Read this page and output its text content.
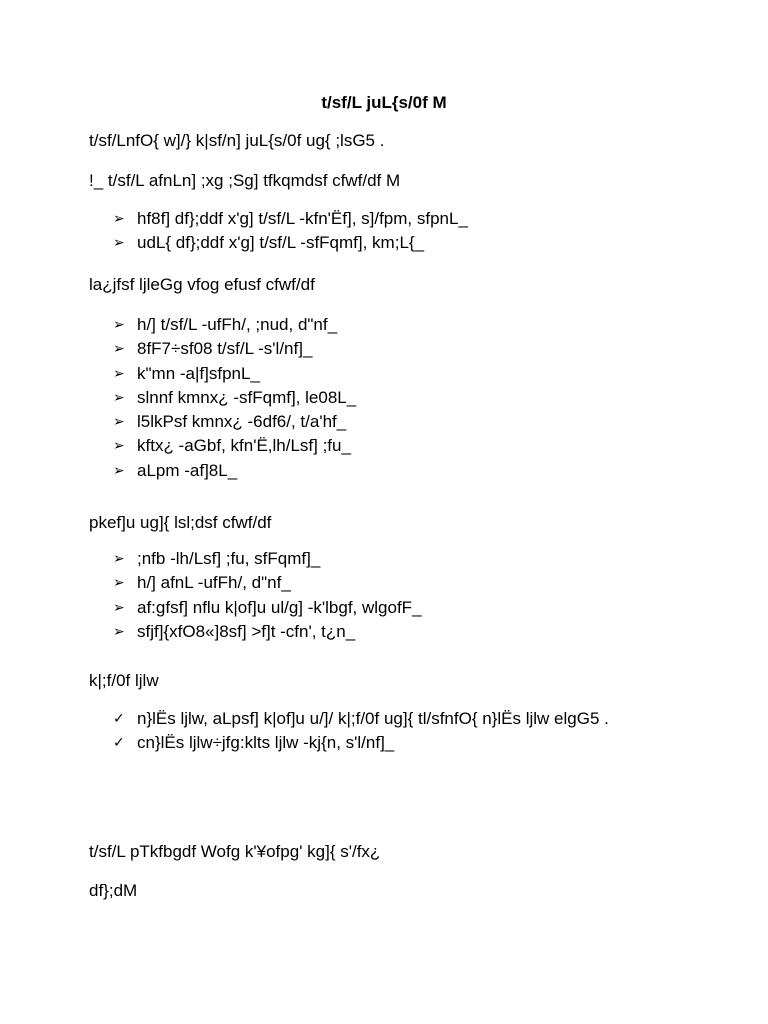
t/sf/L juL{s/0f M
t/sf/LnfO{ w]/} k|sf/n] juL{s/0f ug{ ;lsG5 .
!_ t/sf/L afnLn] ;xg ;Sg] tfkqmdsf cfwf/df M
➢ hf8f] df};ddf x'g] t/sf/L -kfn'Ëf], s]/fpm, sfpnL_
➢ udL{ df};ddf x'g] t/sf/L -sfFqmf], km;L{_
la¿jfsf ljleGg vfog efusf cfwf/df
➢ h/] t/sf/L -ufFh/, ;nud, d"nf_
➢ 8fF7÷sf08 t/sf/L -s'l/nf]_
➢ k"mn -a|f]sfpnL_
➢ slnnf kmnx¿ -sfFqmf], le08L_
➢ l5lkPsf kmnx¿ -6df6/, t/a'hf_
➢ kftx¿ -aGbf, kfn'Ë,lh/Lsf] ;fu_
➢ aLpm -af]8L_
pkef]u ug]{ lsl;dsf cfwf/df
➢ ;nfb -lh/Lsf] ;fu, sfFqmf]_
➢ h/] afnL -ufFh/, d"nf_
➢ af:gfsf] nflu k|of]u ul/g] -k'lbgf, wlgofF_
➢ sfjf]{xfO8«]8sf] >f]t -cfn', t¿n_
k|;f/0f ljlw
✓ n}lËs ljlw, aLpsf] k|of]u u/]/ k|;f/0f ug]{ tl/sfnfO{ n}lËs ljlw elgG5 .
✓ cn}lËs ljlw÷jfg:klts ljlw -kj{n, s'l/nf]_
t/sf/L pTkfbgdf Wofg k'¥ofpg' kg]{ s'/fx¿
df};dM
